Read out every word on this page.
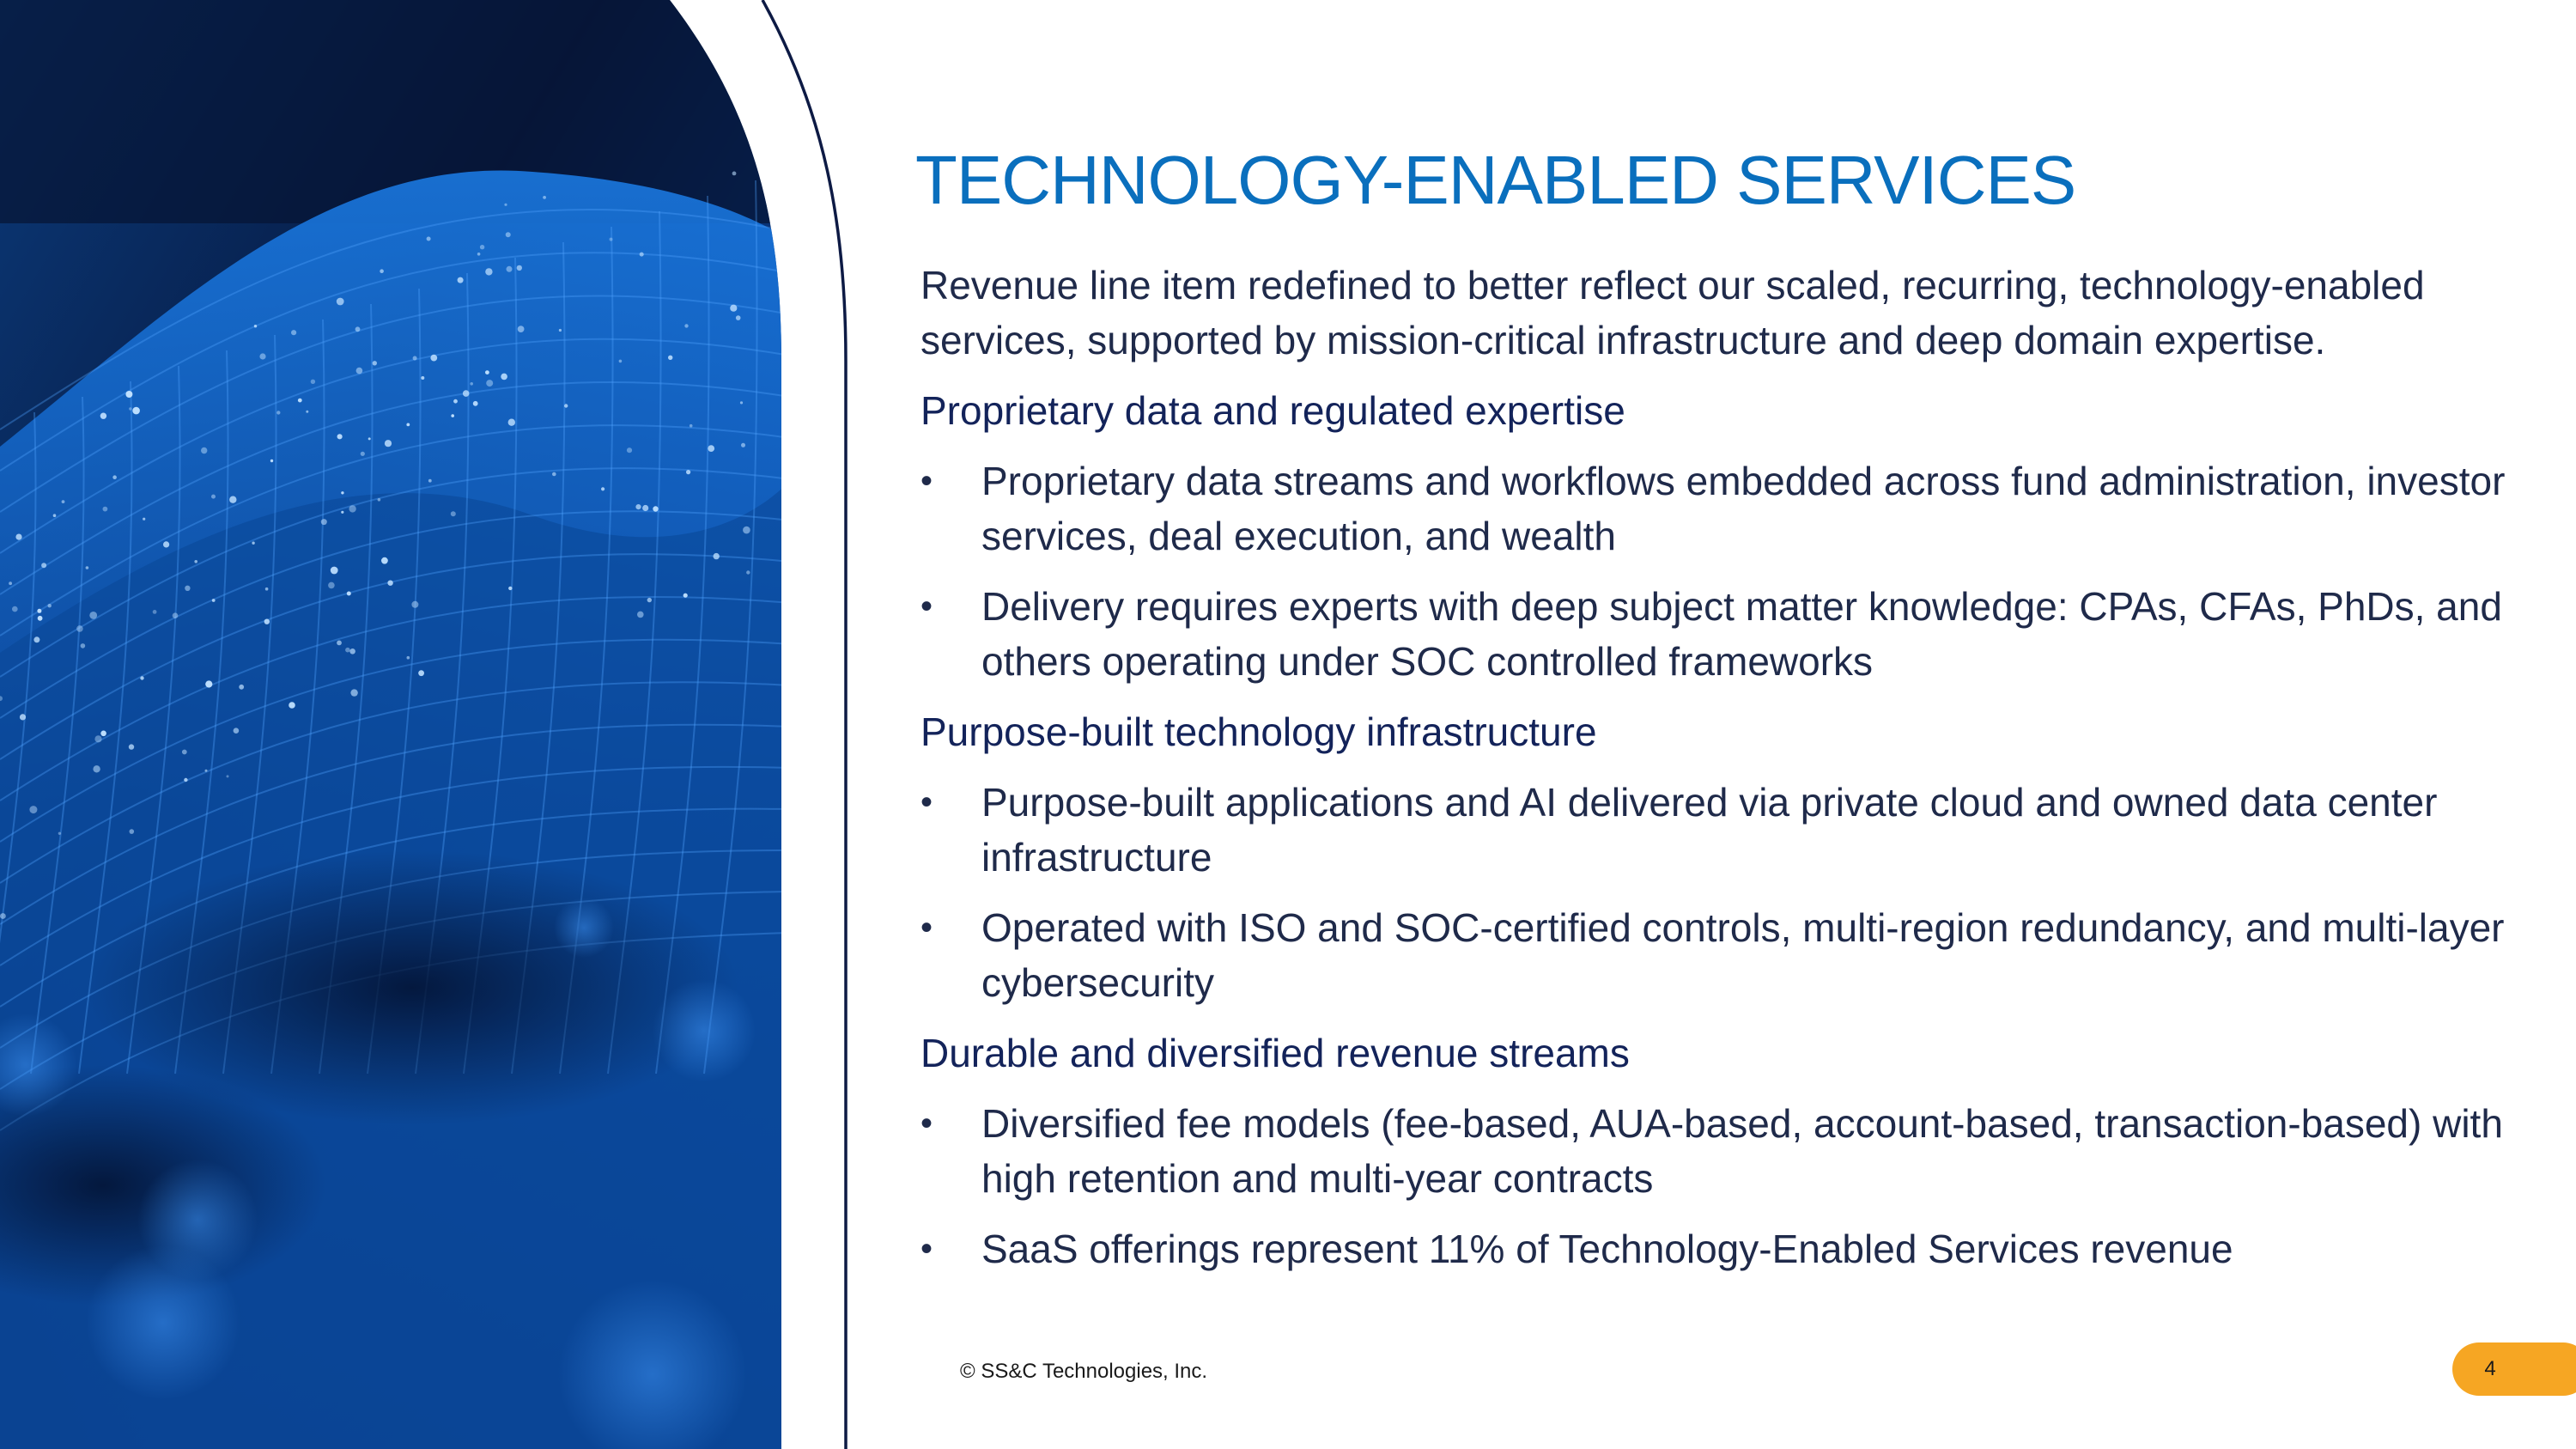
TECHNOLOGY-ENABLED SERVICES

Revenue line item redefined to better reflect our scaled, recurring, technology-enabled services, supported by mission-critical infrastructure and deep domain expertise.

Proprietary data and regulated expertise
• Proprietary data streams and workflows embedded across fund administration, investor services, deal execution, and wealth
• Delivery requires experts with deep subject matter knowledge: CPAs, CFAs, PhDs, and others operating under SOC controlled frameworks
Purpose-built technology infrastructure
• Purpose-built applications and AI delivered via private cloud and owned data center infrastructure
• Operated with ISO and SOC-certified controls, multi-region redundancy, and multi-layer cybersecurity
Durable and diversified revenue streams
• Diversified fee models (fee-based, AUA-based, account-based, transaction-based) with high retention and multi-year contracts
• SaaS offerings represent 11% of Technology-Enabled Services revenue
© SS&C Technologies, Inc.	4
